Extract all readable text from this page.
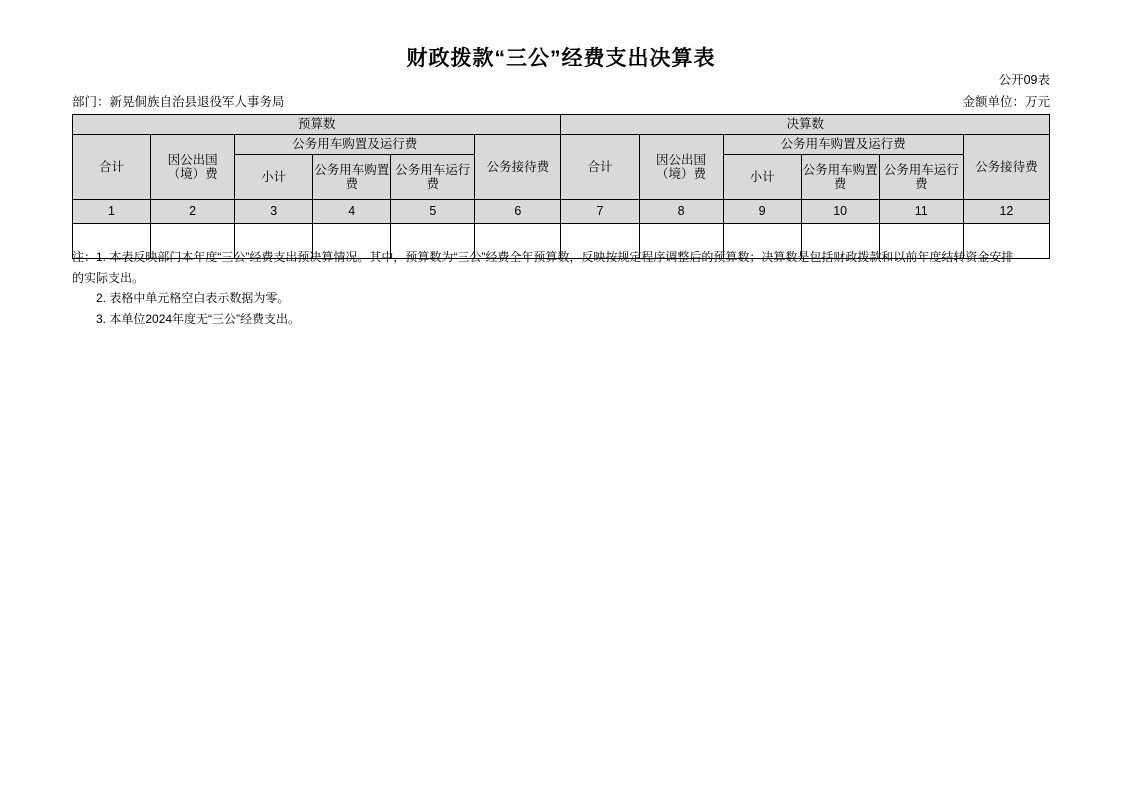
财政拨款“三公”经费支出决算表
公开09表
部门：新晃侗族自治县退役军人事务局	金额单位：万元
预算数						决算数					
合计	因公出国（境）费	公务用车购置及运行费			公务接待费	合计	因公出国（境）费	公务用车购置及运行费			公务接待费
		小计	公务用车购置费	公务用车运行费				小计	公务用车购置费	公务用车运行费	
1	2	3	4	5	6	7	8	9	10	11	12

注：1. 本表反映部门本年度“三公”经费支出预决算情况。其中，预算数为“三公”经费全年预算数，反映按规定程序调整后的预算数；决算数是包括财政拨款和以前年度结转资金安排

的实际支出。

2. 表格中单元格空白表示数据为零。

3. 本单位2024年度无“三公”经费支出。
